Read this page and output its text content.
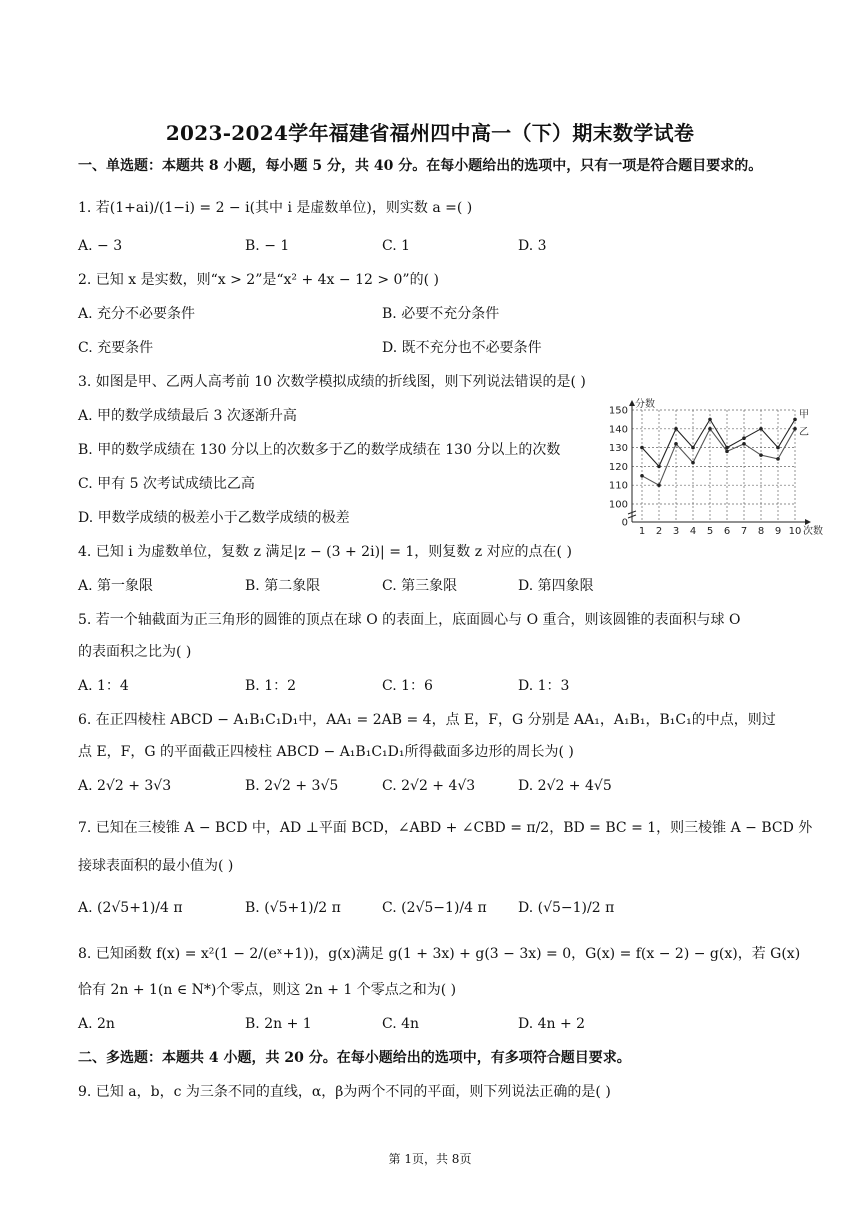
2023-2024学年福建省福州四中高一（下）期末数学试卷
一、单选题：本题共 8 小题，每小题 5 分，共 40 分。在每小题给出的选项中，只有一项是符合题目要求的。
1. 若(1+ai)/(1−i) = 2 − i(其中 i 是虚数单位)，则实数 a =( )
A. − 3	B. − 1	C. 1	D. 3
2. 已知 x 是实数，则“x > 2”是“x² + 4x − 12 > 0”的( )
A. 充分不必要条件	B. 必要不充分条件
C. 充要条件	D. 既不充分也不必要条件
3. 如图是甲、乙两人高考前 10 次数学模拟成绩的折线图，则下列说法错误的是( )
A. 甲的数学成绩最后 3 次逐渐升高
B. 甲的数学成绩在 130 分以上的次数多于乙的数学成绩在 130 分以上的次数
C. 甲有 5 次考试成绩比乙高
D. 甲数学成绩的极差小于乙数学成绩的极差	0
100
110
120
130
140
150
1 2 3 4 5 6 7 8 9 10
分数
次数
甲
乙
4. 已知 i 为虚数单位，复数 z 满足|z − (3 + 2i)| = 1，则复数 z 对应的点在( )
A. 第一象限	B. 第二象限	C. 第三象限	D. 第四象限
5. 若一个轴截面为正三角形的圆锥的顶点在球 O 的表面上，底面圆心与 O 重合，则该圆锥的表面积与球 O
的表面积之比为( )
A. 1：4	B. 1：2	C. 1：6	D. 1：3
6. 在正四棱柱 ABCD − A₁B₁C₁D₁中，AA₁ = 2AB = 4，点 E，F，G 分别是 AA₁，A₁B₁，B₁C₁的中点，则过
点 E，F，G 的平面截正四棱柱 ABCD − A₁B₁C₁D₁所得截面多边形的周长为( )
A. 2√2 + 3√3	B. 2√2 + 3√5	C. 2√2 + 4√3	D. 2√2 + 4√5
7. 已知在三棱锥 A − BCD 中，AD ⊥平面 BCD，∠ABD + ∠CBD = π/2，BD = BC = 1，则三棱锥 A − BCD 外
接球表面积的最小值为( )
A. (2√5+1)/4 π	B. (√5+1)/2 π	C. (2√5−1)/4 π D. (√5−1)/2 π
8. 已知函数 f(x) = x²(1 − 2/(eˣ+1))，g(x)满足 g(1 + 3x) + g(3 − 3x) = 0，G(x) = f(x − 2) − g(x)，若 G(x)
恰有 2n + 1(n ∈ N*)个零点，则这 2n + 1 个零点之和为( )
A. 2n	B. 2n + 1	C. 4n	D. 4n + 2
二、多选题：本题共 4 小题，共 20 分。在每小题给出的选项中，有多项符合题目要求。
9. 已知 a，b，c 为三条不同的直线，α，β为两个不同的平面，则下列说法正确的是( )
第 1页，共 8页
